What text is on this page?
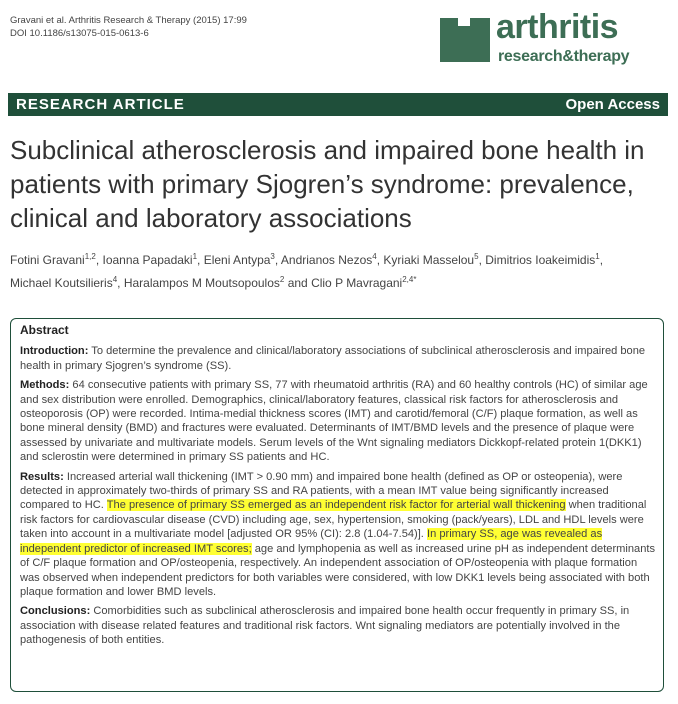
Gravani et al. Arthritis Research & Therapy (2015) 17:99
DOI 10.1186/s13075-015-0613-6	arthritis
research&therapy
RESEARCH ARTICLE	Open Access
Subclinical atherosclerosis and impaired bone health in patients with primary Sjogren’s syndrome: prevalence, clinical and laboratory associations
Fotini Gravani$^{1,2}$, Ioanna Papadaki$^1$, Eleni Antypa$^3$, Andrianos Nezos$^4$, Kyriaki Masselou$^5$, Dimitrios Ioakeimidis$^1$,
Michael Koutsilieris$^4$, Haralampos M Moutsopoulos$^2$ and Clio P Mavragani$^{2,4*}$
Abstract

Introduction: To determine the prevalence and clinical/laboratory associations of subclinical atherosclerosis and impaired bone health in primary Sjogren’s syndrome (SS).

Methods: 64 consecutive patients with primary SS, 77 with rheumatoid arthritis (RA) and 60 healthy controls (HC) of similar age and sex distribution were enrolled. Demographics, clinical/laboratory features, classical risk factors for atherosclerosis and osteoporosis (OP) were recorded. Intima-medial thickness scores (IMT) and carotid/femoral (C/F) plaque formation, as well as bone mineral density (BMD) and fractures were evaluated. Determinants of IMT/BMD levels and the presence of plaque were assessed by univariate and multivariate models. Serum levels of the Wnt signaling mediators Dickkopf-related protein 1(DKK1) and sclerostin were determined in primary SS patients and HC.

Results: Increased arterial wall thickening (IMT > 0.90 mm) and impaired bone health (defined as OP or osteopenia), were detected in approximately two-thirds of primary SS and RA patients, with a mean IMT value being significantly increased compared to HC. The presence of primary SS emerged as an independent risk factor for arterial wall thickening when traditional risk factors for cardiovascular disease (CVD) including age, sex, hypertension, smoking (pack/years), LDL and HDL levels were taken into account in a multivariate model [adjusted OR 95% (CI): 2.8 (1.04-7.54)]. In primary SS, age was revealed as independent predictor of increased IMT scores; age and lymphopenia as well as increased urine pH as independent determinants of C/F plaque formation and OP/osteopenia, respectively. An independent association of OP/osteopenia with plaque formation was observed when independent predictors for both variables were considered, with low DKK1 levels being associated with both plaque formation and lower BMD levels.

Conclusions: Comorbidities such as subclinical atherosclerosis and impaired bone health occur frequently in primary SS, in association with disease related features and traditional risk factors. Wnt signaling mediators are potentially involved in the pathogenesis of both entities.
